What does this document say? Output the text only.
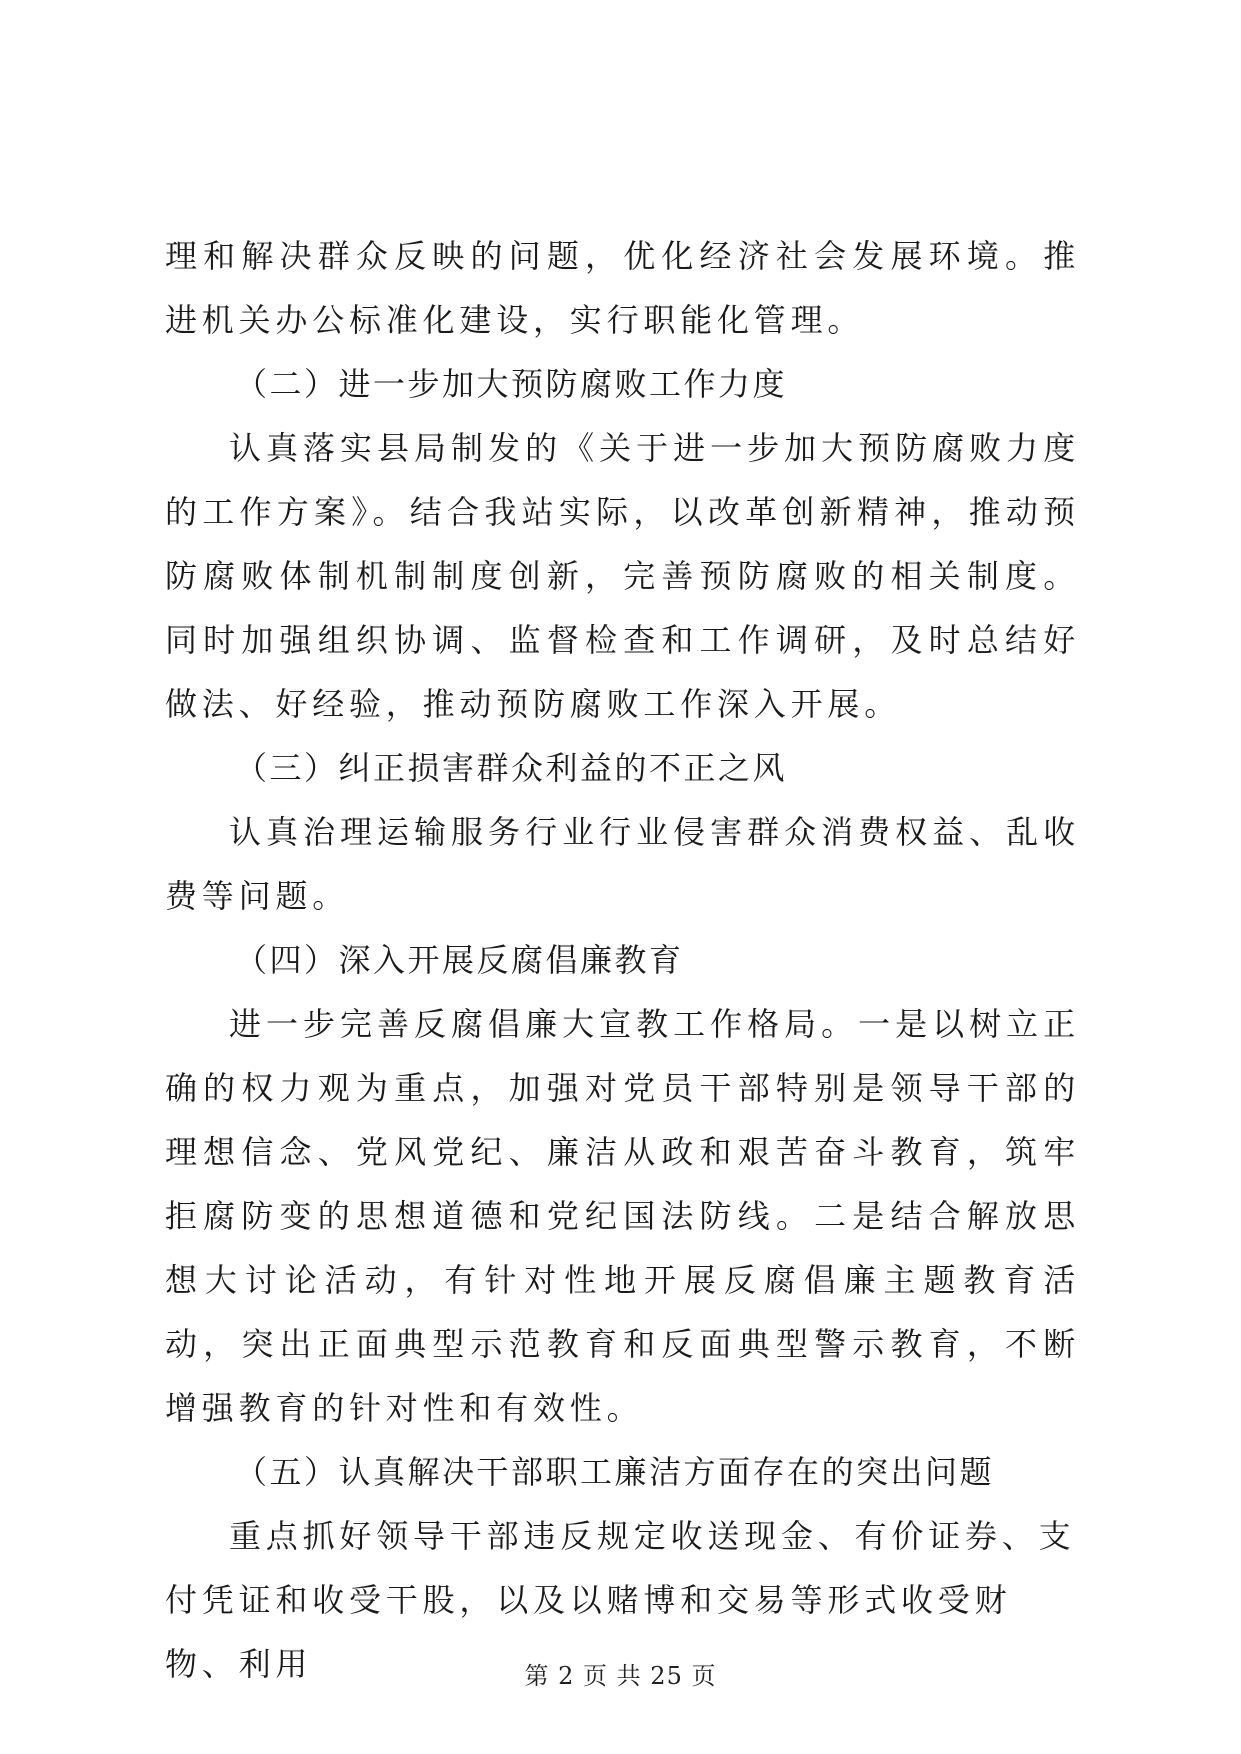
理和解决群众反映的问题，优化经济社会发展环境。推进机关办公标准化建设，实行职能化管理。

（二）进一步加大预防腐败工作力度

认真落实县局制发的《关于进一步加大预防腐败力度的工作方案》。结合我站实际，以改革创新精神，推动预防腐败体制机制制度创新，完善预防腐败的相关制度。同时加强组织协调、监督检查和工作调研，及时总结好做法、好经验，推动预防腐败工作深入开展。

（三）纠正损害群众利益的不正之风

认真治理运输服务行业行业侵害群众消费权益、乱收费等问题。

（四）深入开展反腐倡廉教育

进一步完善反腐倡廉大宣教工作格局。一是以树立正确的权力观为重点，加强对党员干部特别是领导干部的理想信念、党风党纪、廉洁从政和艰苦奋斗教育，筑牢拒腐防变的思想道德和党纪国法防线。二是结合解放思想大讨论活动，有针对性地开展反腐倡廉主题教育活动，突出正面典型示范教育和反面典型警示教育，不断增强教育的针对性和有效性。

（五）认真解决干部职工廉洁方面存在的突出问题

重点抓好领导干部违反规定收送现金、有价证券、支付凭证和收受干股，以及以赌博和交易等形式收受财物、利用	第 2 页 共 25 页
